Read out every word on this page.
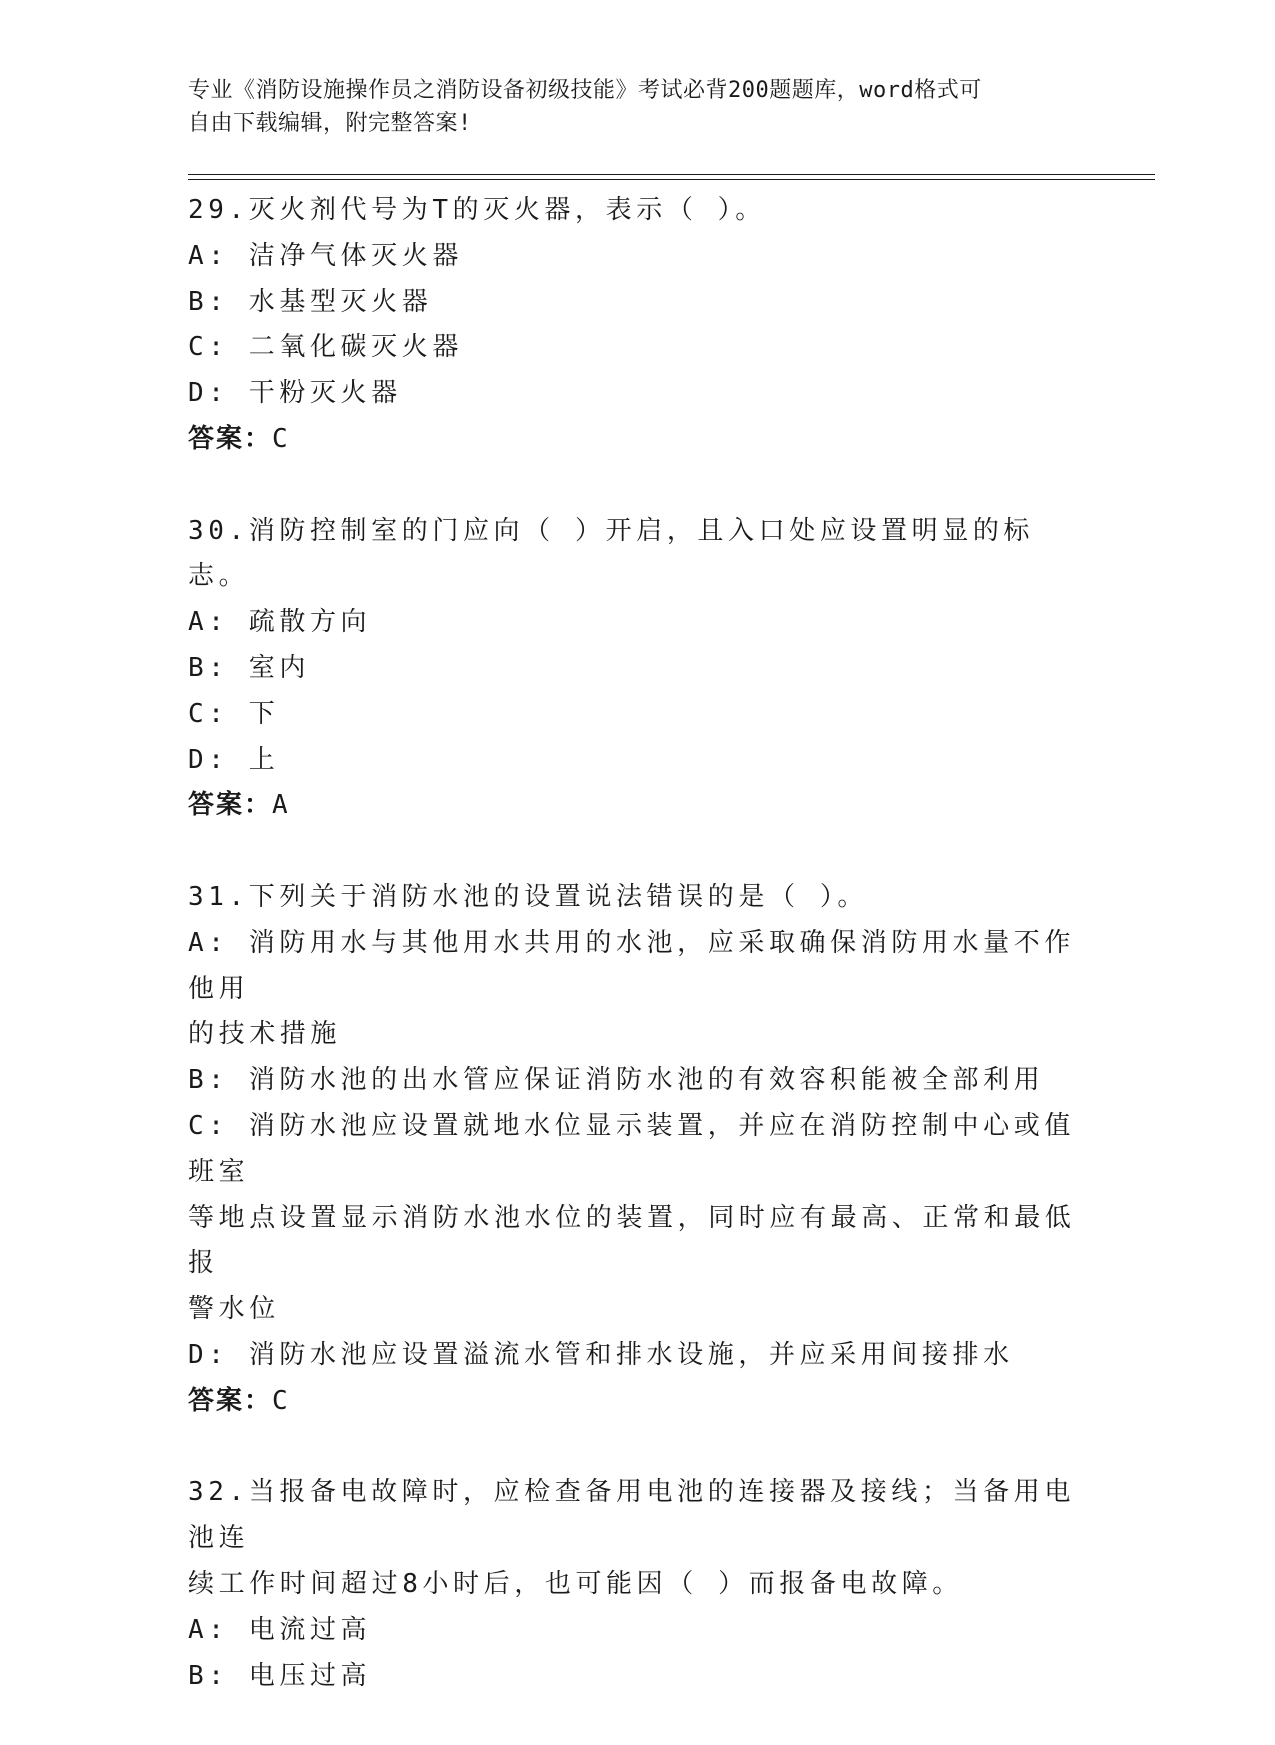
专业《消防设施操作员之消防设备初级技能》考试必背200题题库，word格式可
自由下载编辑，附完整答案!
29.灭火剂代号为T的灭火器，表示（ ）。
A: 洁净气体灭火器
B: 水基型灭火器
C: 二氧化碳灭火器
D: 干粉灭火器
答案：C
30.消防控制室的门应向（ ）开启，且入口处应设置明显的标志。
A: 疏散方向
B: 室内
C: 下
D: 上
答案：A
31.下列关于消防水池的设置说法错误的是（ ）。
A: 消防用水与其他用水共用的水池，应采取确保消防用水量不作他用
的技术措施
B: 消防水池的出水管应保证消防水池的有效容积能被全部利用
C: 消防水池应设置就地水位显示装置，并应在消防控制中心或值班室
等地点设置显示消防水池水位的装置，同时应有最高、正常和最低报
警水位
D: 消防水池应设置溢流水管和排水设施，并应采用间接排水
答案：C
32.当报备电故障时，应检查备用电池的连接器及接线；当备用电池连
续工作时间超过8小时后，也可能因（ ）而报备电故障。
A: 电流过高
B: 电压过高
